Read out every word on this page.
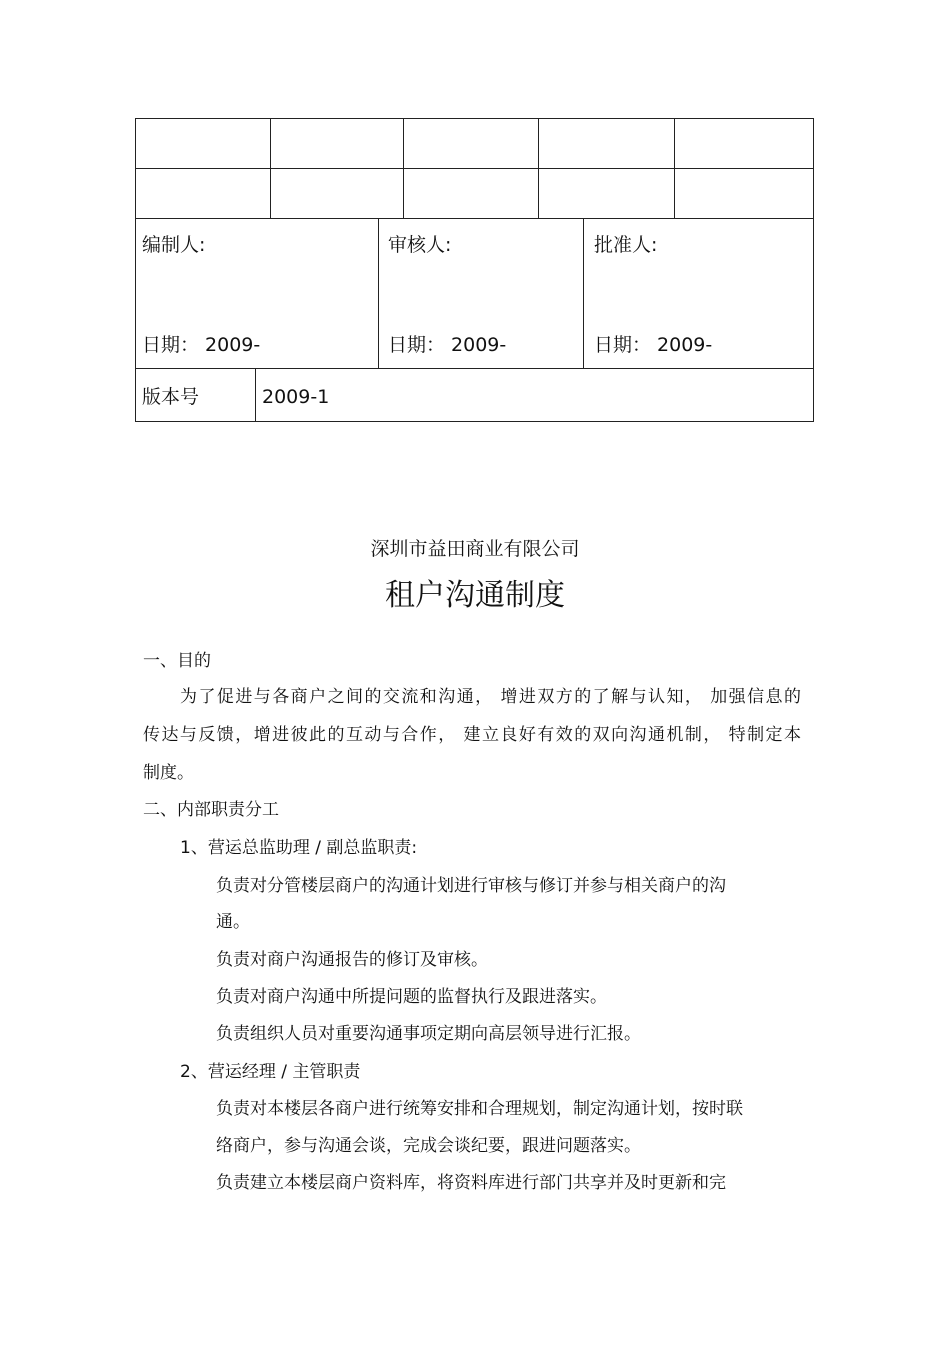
编制人:	审核人:	批准人:
日期： 2009-	日期： 2009-	日期： 2009-
版本号	2009-1
深圳市益田商业有限公司
租户沟通制度
一、目的
为了促进与各商户之间的交流和沟通， 增进双方的了解与认知， 加强信息的
传达与反馈，增进彼此的互动与合作， 建立良好有效的双向沟通机制， 特制定本
制度。
二、内部职责分工
1、营运总监助理 / 副总监职责:
负责对分管楼层商户的沟通计划进行审核与修订并参与相关商户的沟
通。
负责对商户沟通报告的修订及审核。
负责对商户沟通中所提问题的监督执行及跟进落实。
负责组织人员对重要沟通事项定期向高层领导进行汇报。
2、营运经理 / 主管职责
负责对本楼层各商户进行统筹安排和合理规划，制定沟通计划，按时联
络商户，参与沟通会谈，完成会谈纪要，跟进问题落实。
负责建立本楼层商户资料库，将资料库进行部门共享并及时更新和完
